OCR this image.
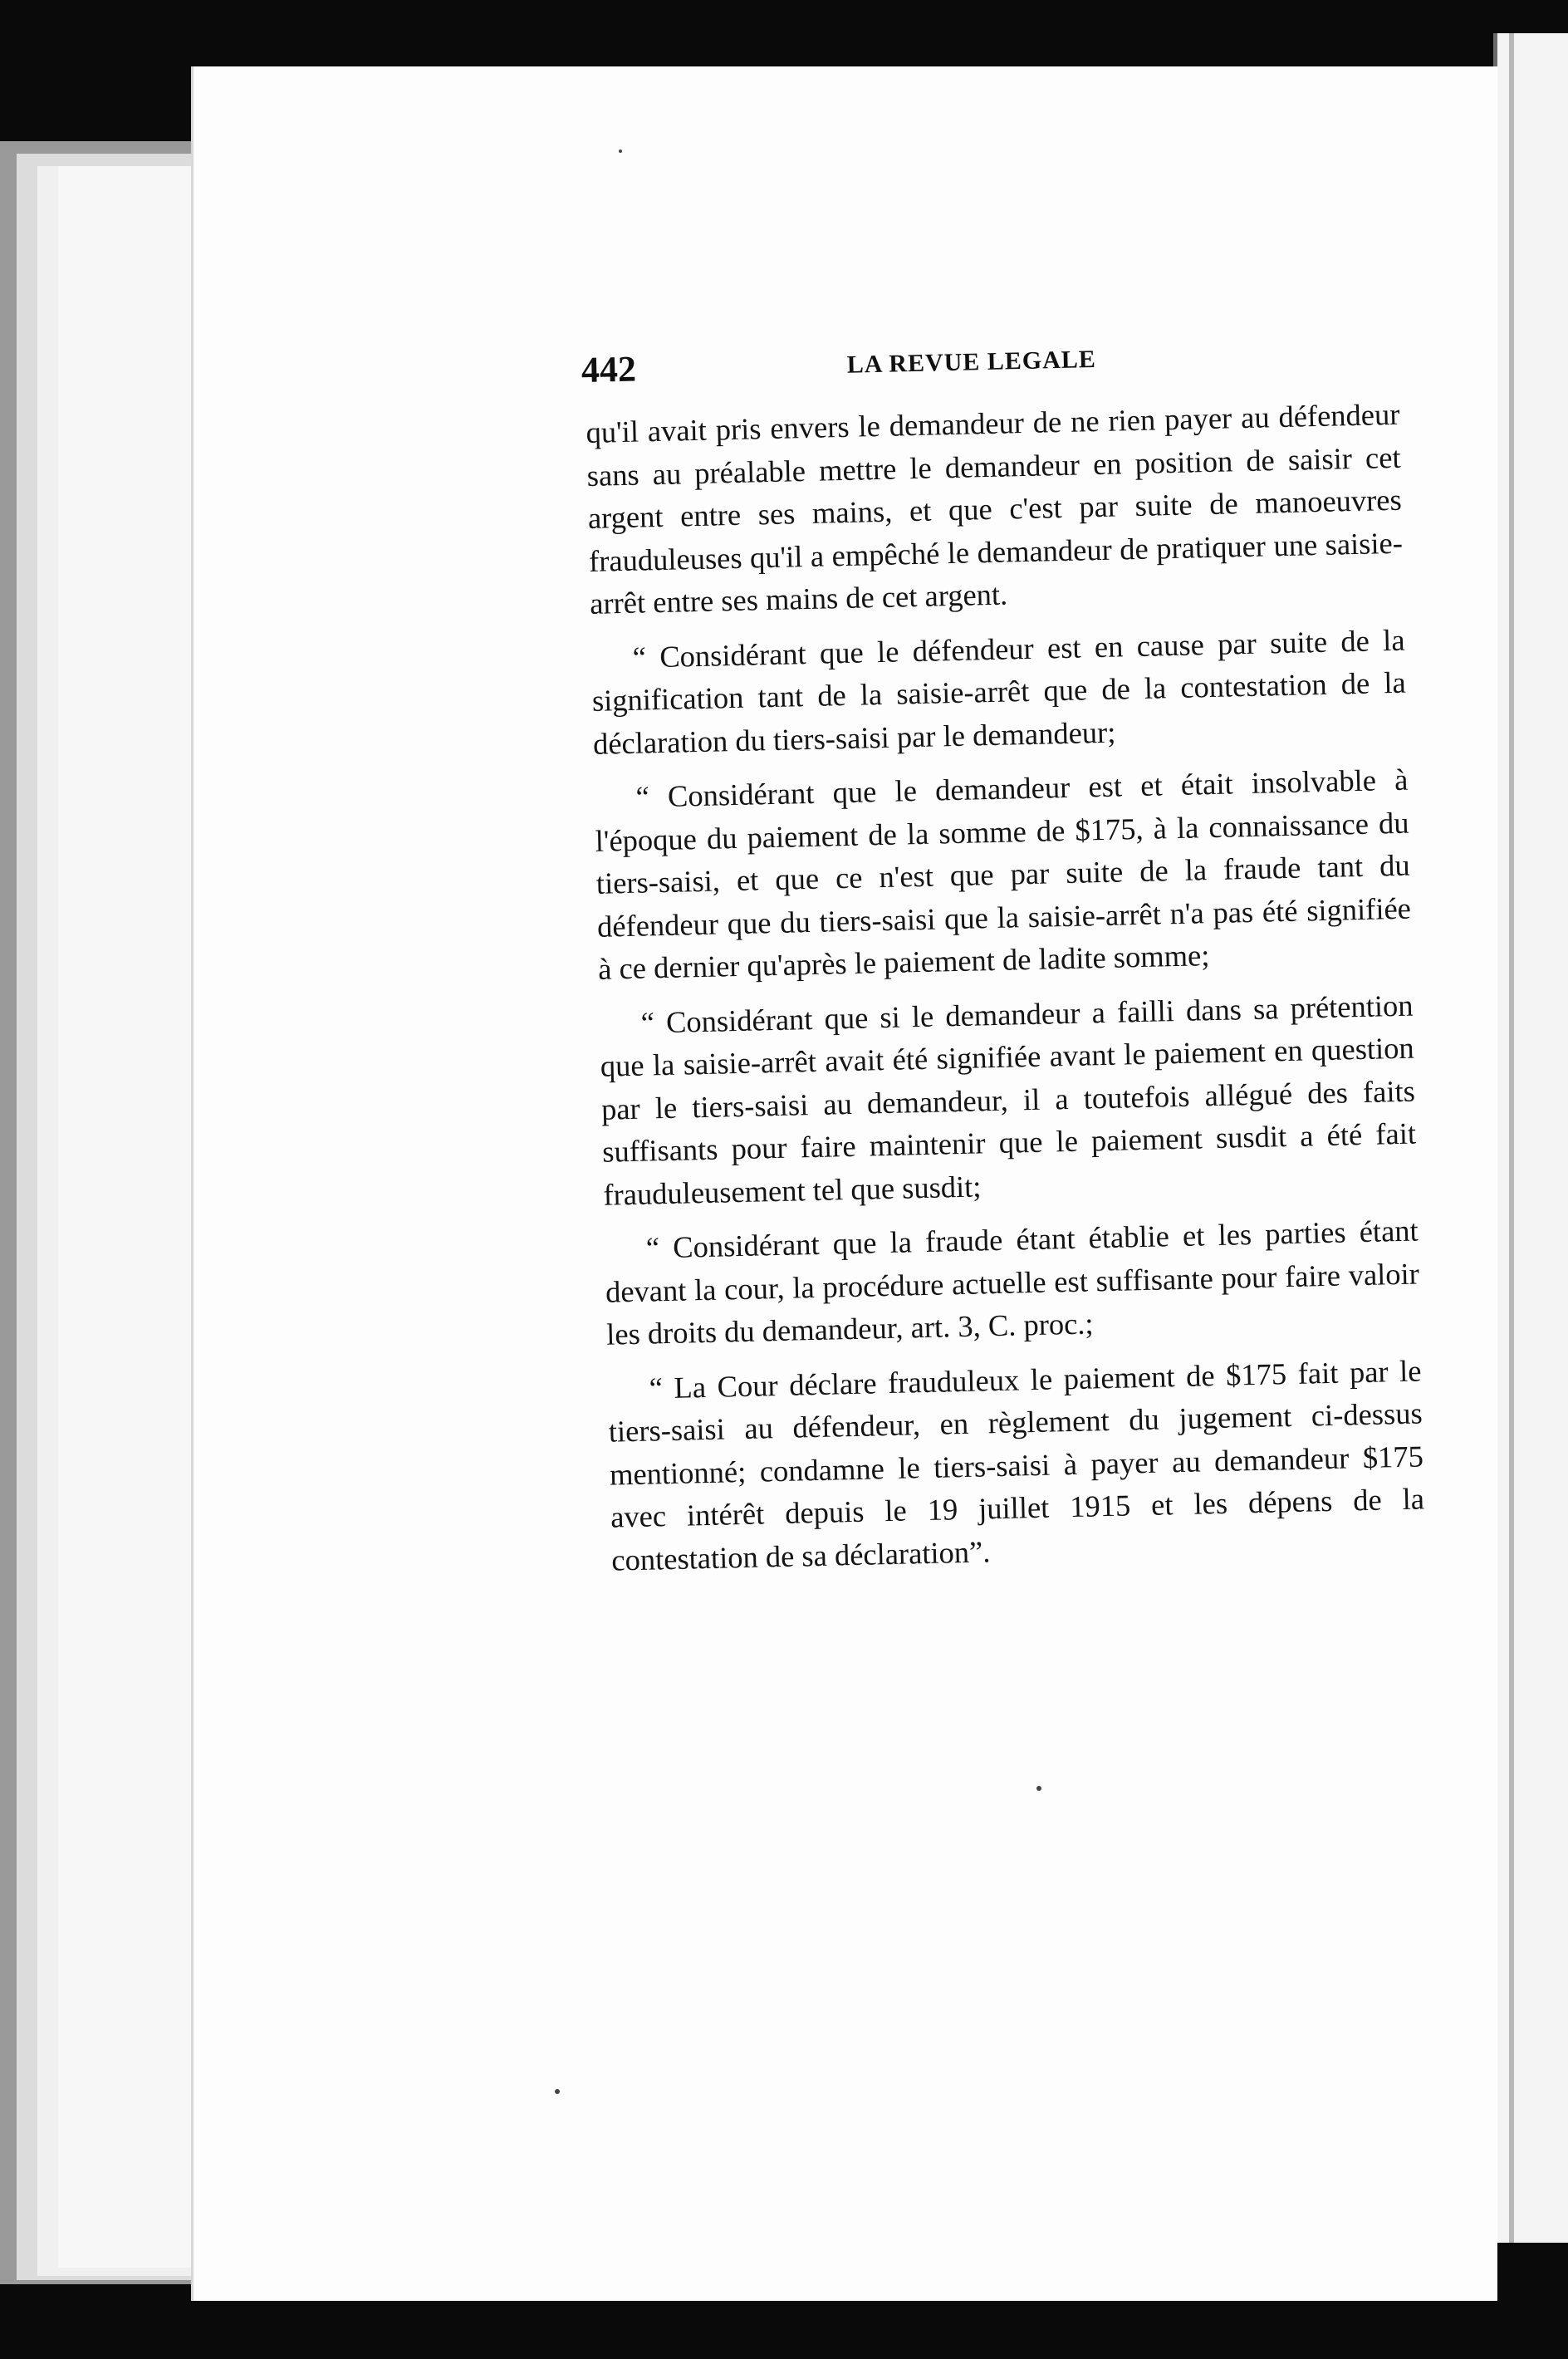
442	LA REVUE LEGALE

qu'il avait pris envers le demandeur de ne rien payer au défendeur sans au préalable mettre le demandeur en position de saisir cet argent entre ses mains, et que c'est par suite de manoeuvres frauduleuses qu'il a empêché le demandeur de pratiquer une saisie-arrêt entre ses mains de cet argent.

“ Considérant que le défendeur est en cause par suite de la signification tant de la saisie-arrêt que de la contestation de la déclaration du tiers-saisi par le demandeur;

“ Considérant que le demandeur est et était insolvable à l'époque du paiement de la somme de $175, à la connaissance du tiers-saisi, et que ce n'est que par suite de la fraude tant du défendeur que du tiers-saisi que la saisie-arrêt n'a pas été signifiée à ce dernier qu'après le paiement de ladite somme;

“ Considérant que si le demandeur a failli dans sa prétention que la saisie-arrêt avait été signifiée avant le paiement en question par le tiers-saisi au demandeur, il a toutefois allégué des faits suffisants pour faire maintenir que le paiement susdit a été fait frauduleusement tel que susdit;

“ Considérant que la fraude étant établie et les parties étant devant la cour, la procédure actuelle est suffisante pour faire valoir les droits du demandeur, art. 3, C. proc.;

“ La Cour déclare frauduleux le paiement de $175 fait par le tiers-saisi au défendeur, en règlement du jugement ci-dessus mentionné; condamne le tiers-saisi à payer au demandeur $175 avec intérêt depuis le 19 juillet 1915 et les dépens de la contestation de sa déclaration”.
